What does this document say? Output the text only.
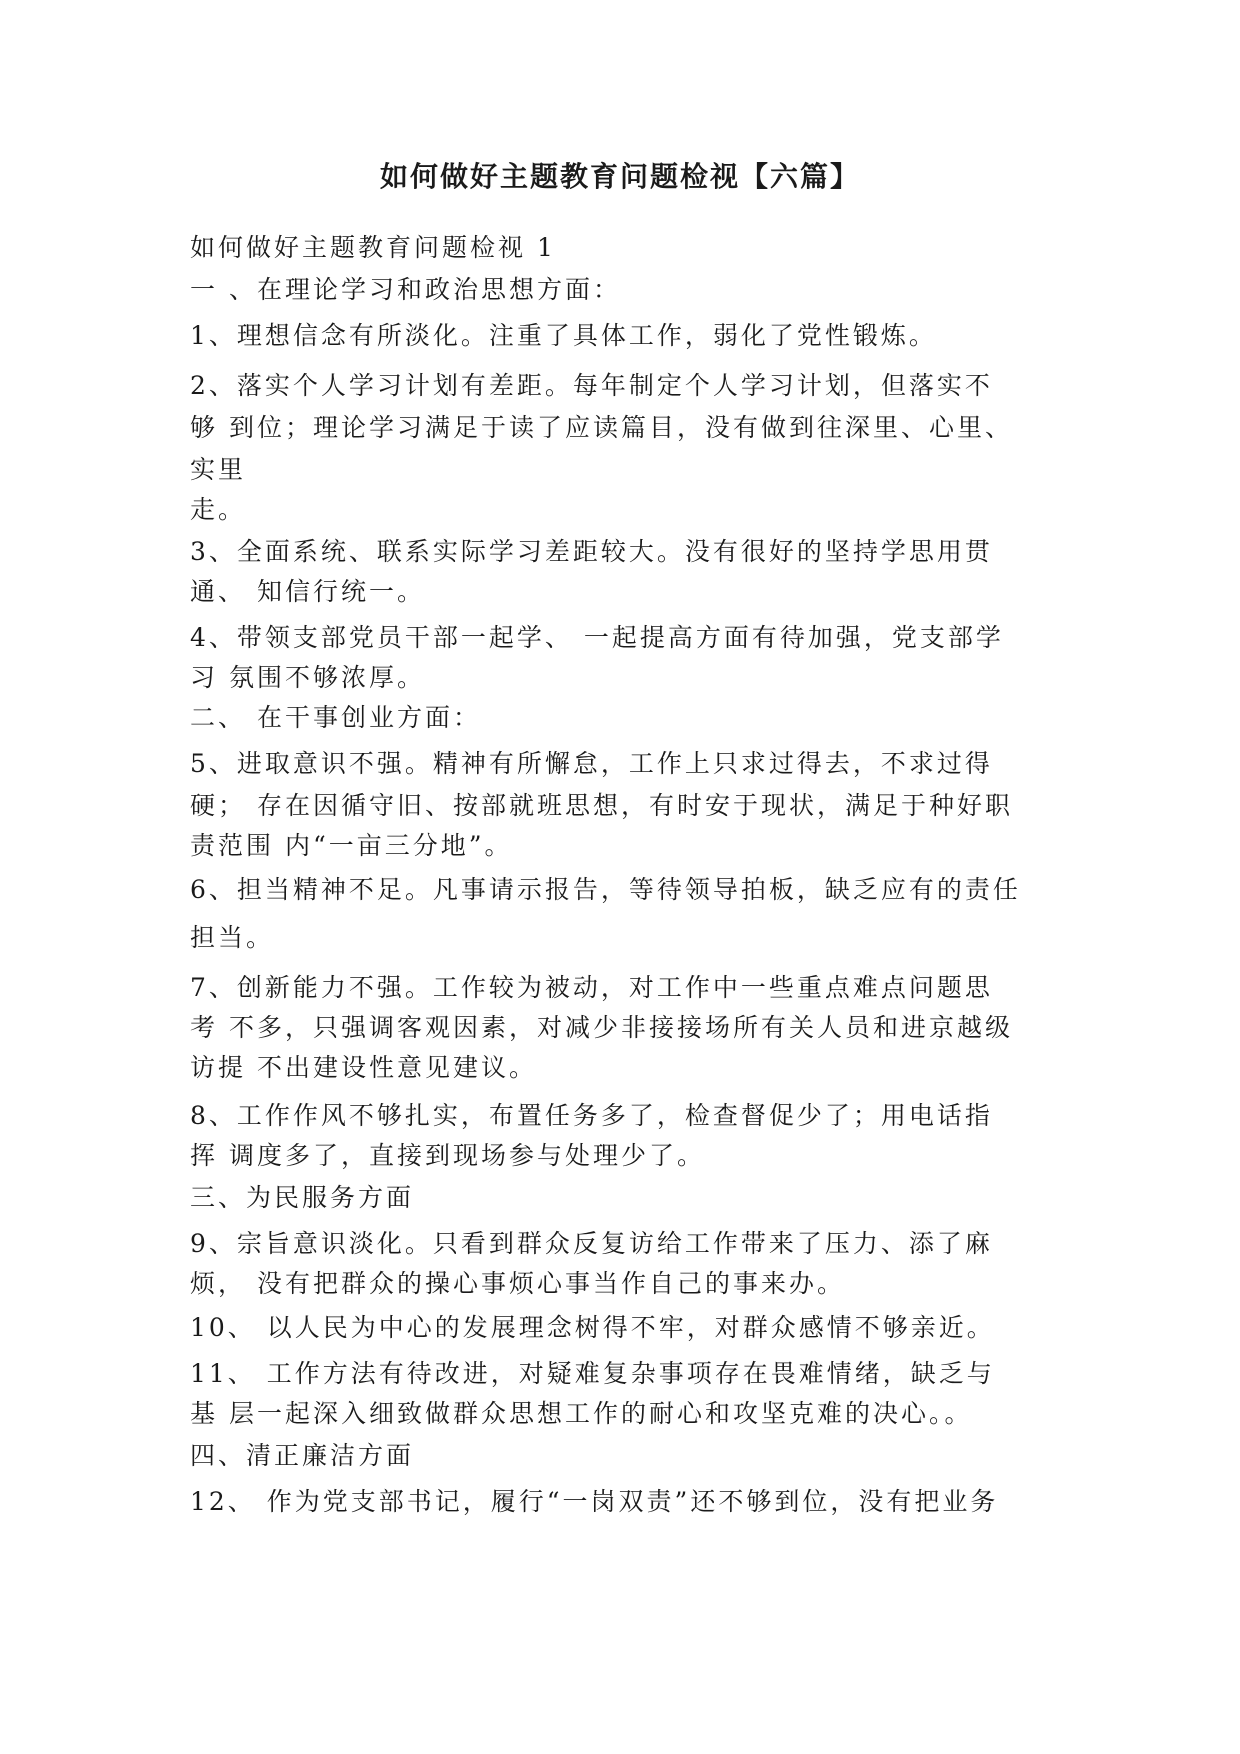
如何做好主题教育问题检视【六篇】
如何做好主题教育问题检视 1
一 、在理论学习和政治思想方面：
1、理想信念有所淡化。注重了具体工作，弱化了党性锻炼。
2、落实个人学习计划有差距。每年制定个人学习计划，但落实不
够 到位；理论学习满足于读了应读篇目，没有做到往深里、心里、
实里
走。
3、全面系统、联系实际学习差距较大。没有很好的坚持学思用贯
通、 知信行统一。
4、带领支部党员干部一起学、 一起提高方面有待加强，党支部学
习 氛围不够浓厚。
二、 在干事创业方面：
5、进取意识不强。精神有所懈怠，工作上只求过得去，不求过得
硬； 存在因循守旧、按部就班思想，有时安于现状，满足于种好职
责范围 内“一亩三分地”。
6、担当精神不足。凡事请示报告，等待领导拍板，缺乏应有的责任
担当。
7、创新能力不强。工作较为被动，对工作中一些重点难点问题思
考 不多，只强调客观因素，对减少非接接场所有关人员和进京越级
访提 不出建设性意见建议。
8、工作作风不够扎实，布置任务多了，检查督促少了；用电话指
挥 调度多了，直接到现场参与处理少了。
三、为民服务方面
9、宗旨意识淡化。只看到群众反复访给工作带来了压力、添了麻
烦， 没有把群众的操心事烦心事当作自己的事来办。
10、 以人民为中心的发展理念树得不牢，对群众感情不够亲近。
11、 工作方法有待改进，对疑难复杂事项存在畏难情绪，缺乏与
基 层一起深入细致做群众思想工作的耐心和攻坚克难的决心。。
四、清正廉洁方面
12、 作为党支部书记，履行“一岗双责”还不够到位，没有把业务
